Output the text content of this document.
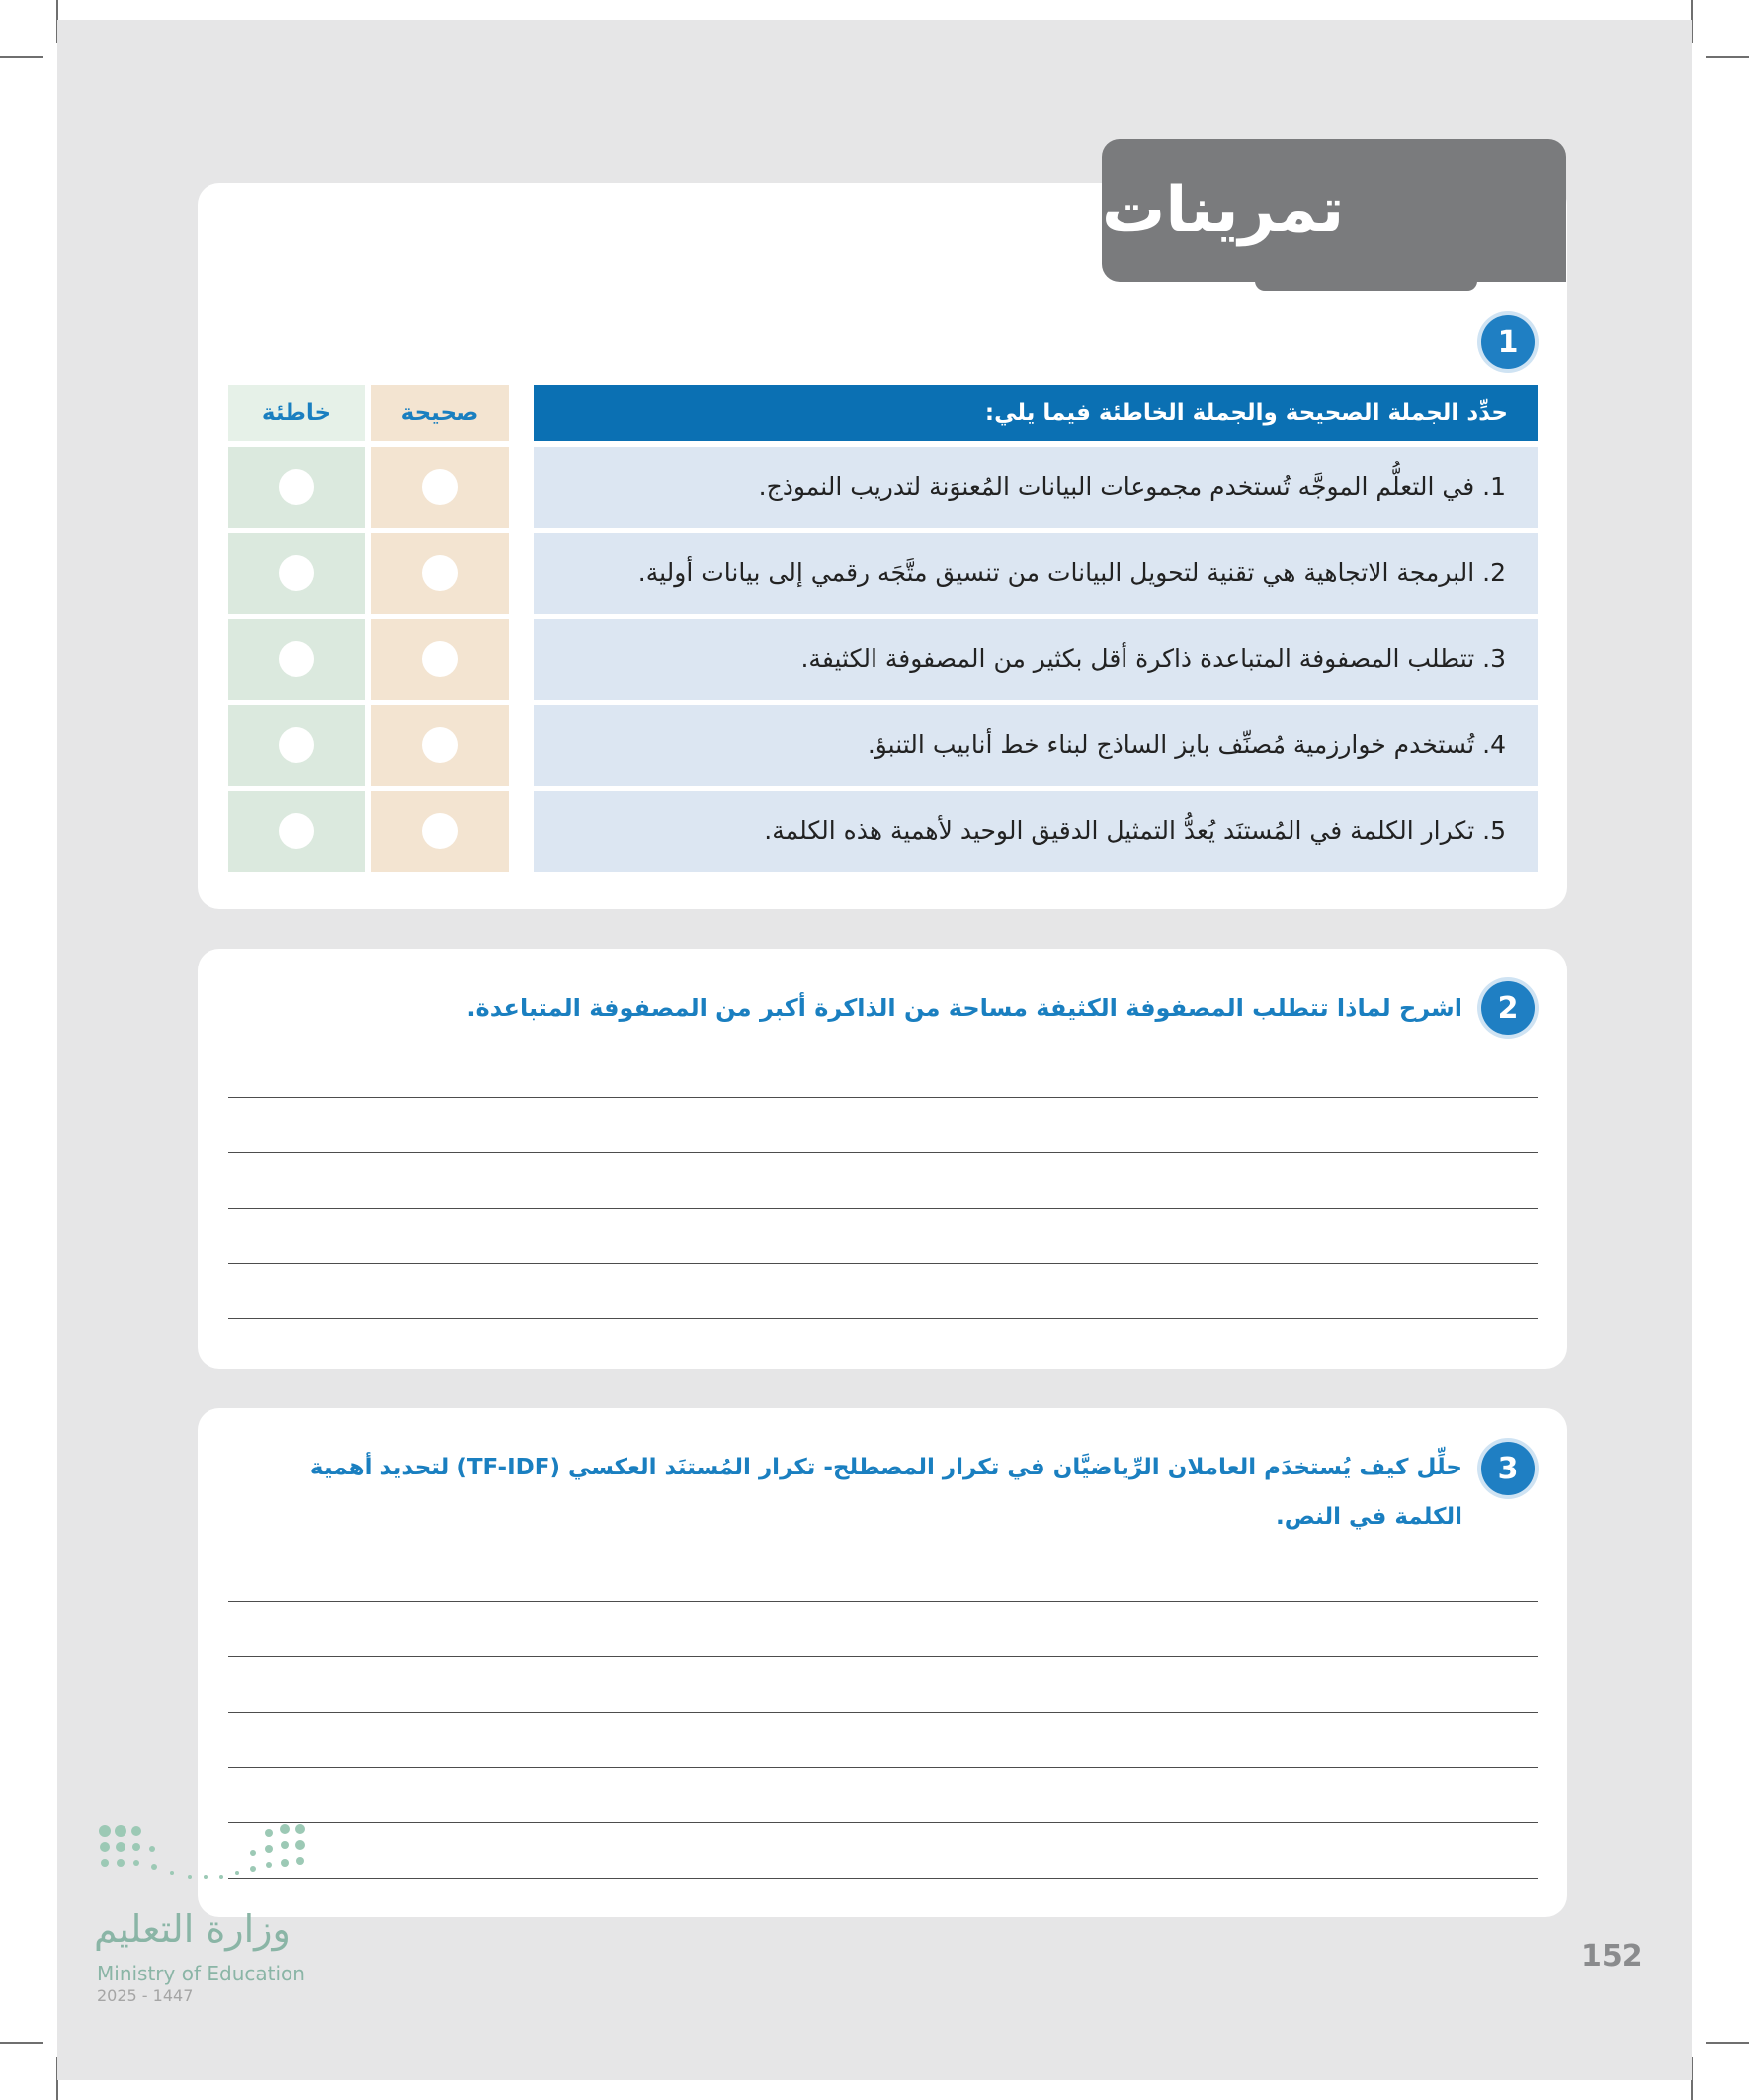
تمرينات
1
حدِّد الجملة الصحيحة والجملة الخاطئة فيما يلي:
صحيحة
خاطئة
1. في التعلُّم الموجَّه تُستخدم مجموعات البيانات المُعنوَنة لتدريب النموذج.
2. البرمجة الاتجاهية هي تقنية لتحويل البيانات من تنسيق متَّجَه رقمي إلى بيانات أولية.
3. تتطلب المصفوفة المتباعدة ذاكرة أقل بكثير من المصفوفة الكثيفة.
4. تُستخدم خوارزمية مُصنِّف بايز الساذج لبناء خط أنابيب التنبؤ.
5. تكرار الكلمة في المُستنَد يُعدُّ التمثيل الدقيق الوحيد لأهمية هذه الكلمة.
2
اشرح لماذا تتطلب المصفوفة الكثيفة مساحة من الذاكرة أكبر من المصفوفة المتباعدة.
3
حلِّل كيف يُستخدَم العاملان الرِّياضيَّان في تكرار المصطلح- تكرار المُستنَد العكسي (TF-IDF) لتحديد أهمية
الكلمة في النص.
وزارة التعليم
Ministry of Education
2025 - 1447
152
